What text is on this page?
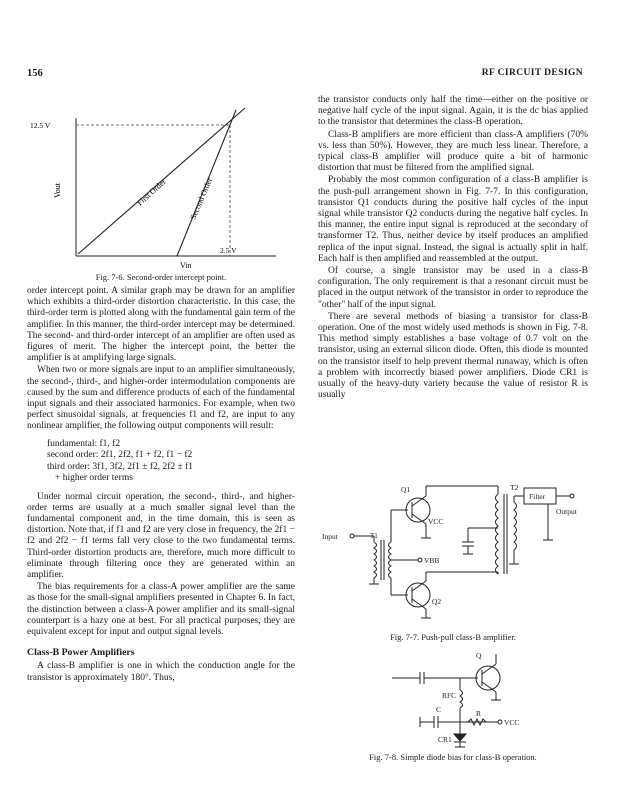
156	RF CIRCUIT DESIGN
12.5 V
2.5 V
Vout
Vin
First Order	Second Order
Fig. 7-6. Second-order intercept point.

order intercept point. A similar graph may be drawn for an amplifier which exhibits a third-order distortion characteristic. In this case, the third-order term is plotted along with the fundamental gain term of the amplifier. In this manner, the third-order intercept may be determined. The second- and third-order intercept of an amplifier are often used as figures of merit. The higher the intercept point, the better the amplifier is at amplifying large signals.

When two or more signals are input to an amplifier simultaneously, the second-, third-, and higher-order intermodulation components are caused by the sum and difference products of each of the fundamental input signals and their associated harmonics. For example, when two perfect sinusoidal signals, at frequencies f1 and f2, are input to any nonlinear amplifier, the following output components will result:

fundamental: f1, f2
second order: 2f1, 2f2, f1 + f2, f1 − f2
third order: 3f1, 3f2, 2f1 ± f2, 2f2 ± f1
+ higher order terms

Under normal circuit operation, the second-, third-, and higher-order terms are usually at a much smaller signal level than the fundamental component and, in the time domain, this is seen as distortion. Note that, if f1 and f2 are very close in frequency, the 2f1 − f2 and 2f2 − f1 terms fall very close to the two fundamental terms. Third-order distortion products are, therefore, much more difficult to eliminate through filtering once they are generated within an amplifier.

The bias requirements for a class-A power amplifier are the same as those for the small-signal amplifiers presented in Chapter 6. In fact, the distinction between a class-A power amplifier and its small-signal counterpart is a hazy one at best. For all practical purposes, they are equivalent except for input and output signal levels.

Class-B Power Amplifiers

A class-B amplifier is one in which the conduction angle for the transistor is approximately 180°. Thus,

the transistor conducts only half the time—either on the positive or negative half cycle of the input signal. Again, it is the dc bias applied to the transistor that determines the class-B operation.

Class-B amplifiers are more efficient than class-A amplifiers (70% vs. less than 50%). However, they are much less linear. Therefore, a typical class-B amplifier will produce quite a bit of harmonic distortion that must be filtered from the amplified signal.

Probably the most common configuration of a class-B amplifier is the push-pull arrangement shown in Fig. 7-7. In this configuration, transistor Q1 conducts during the positive half cycles of the input signal while transistor Q2 conducts during the negative half cycles. In this manner, the entire input signal is reproduced at the secondary of transformer T2. Thus, neither device by itself produces an amplified replica of the input signal. Instead, the signal is actually split in half. Each half is then amplified and reassembled at the output.

Of course, a single transistor may be used in a class-B configuration. The only requirement is that a resonant circuit must be placed in the output network of the transistor in order to reproduce the "other" half of the input signal.

There are several methods of biasing a transistor for class-B operation. One of the most widely used methods is shown in Fig. 7-8. This method simply establishes a base voltage of 0.7 volt on the transistor, using an external silicon diode. Often, this diode is mounted on the transistor itself to help prevent thermal runaway, which is often a problem with incorrectly biased power amplifiers. Diode CR1 is usually of the heavy-duty variety because the value of resistor R is usually

Q1
Q2
T1
T2
VCC
VBB
Input
Output
Filter
Fig. 7-7. Push-pull class-B amplifier.
Q
RFC
C	R
VCC
CR1
Fig. 7-8. Simple diode bias for class-B operation.
